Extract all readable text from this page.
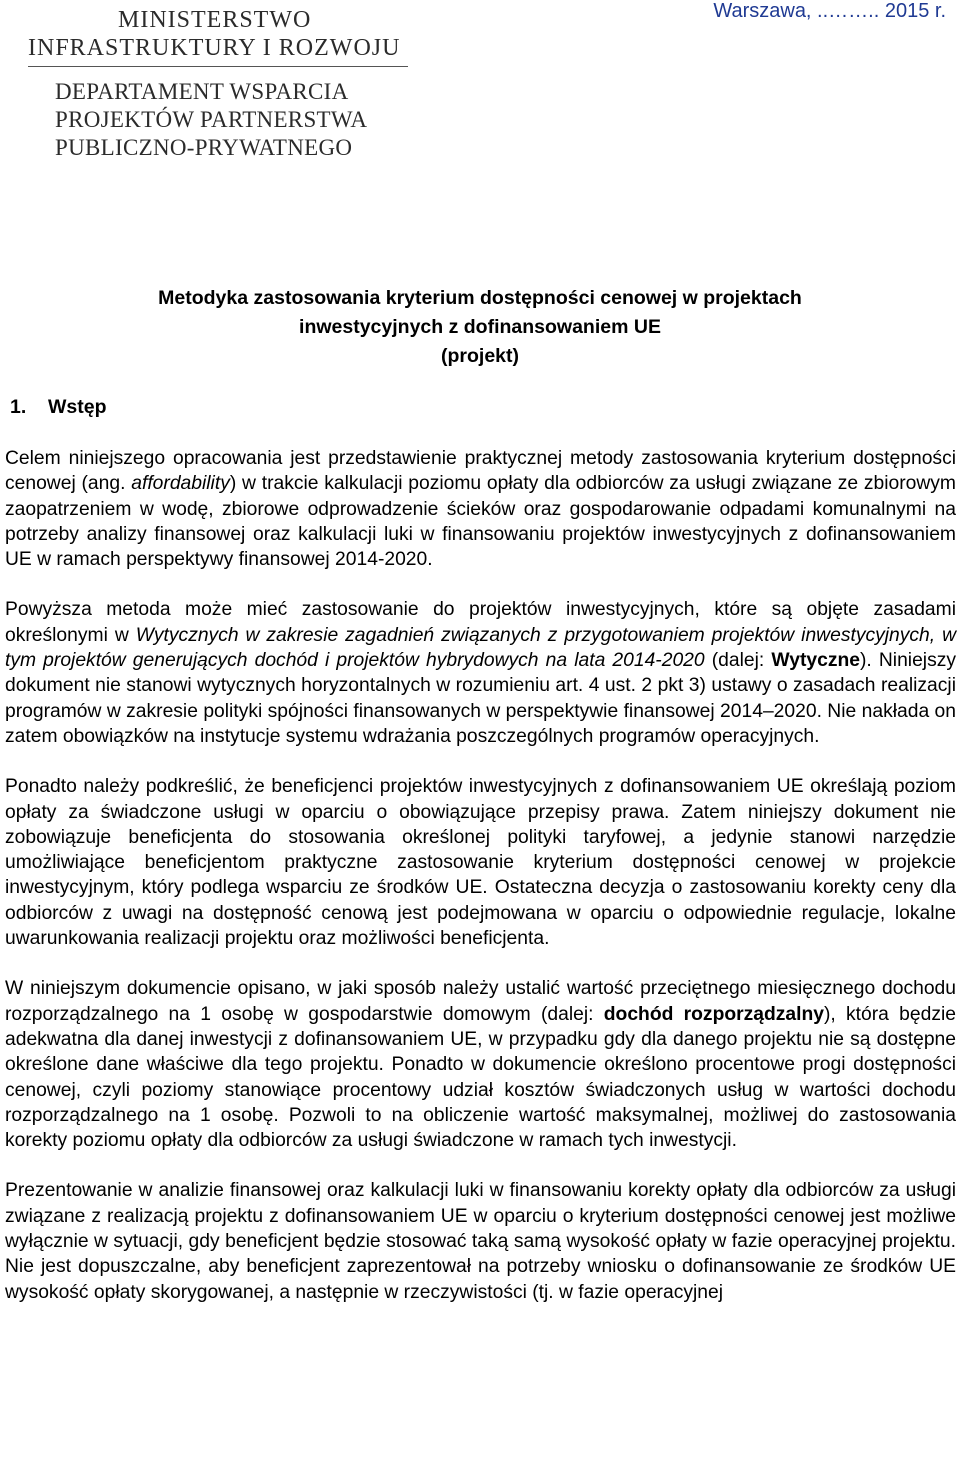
MINISTERSTWO
INFRASTRUKTURY I ROZWOJU
DEPARTAMENT WSPARCIA
PROJEKTÓW PARTNERSTWA
PUBLICZNO-PRYWATNEGO
Warszawa, ..…….. 2015 r.
Metodyka zastosowania kryterium dostępności cenowej w projektach
inwestycyjnych z dofinansowaniem UE
(projekt)
1. Wstęp

Celem niniejszego opracowania jest przedstawienie praktycznej metody zastosowania kryterium dostępności cenowej (ang. affordability) w trakcie kalkulacji poziomu opłaty dla odbiorców za usługi związane ze zbiorowym zaopatrzeniem w wodę, zbiorowe odprowadzenie ścieków oraz gospodarowanie odpadami komunalnymi na potrzeby analizy finansowej oraz kalkulacji luki w finansowaniu projektów inwestycyjnych z dofinansowaniem UE w ramach perspektywy finansowej 2014-2020.

Powyższa metoda może mieć zastosowanie do projektów inwestycyjnych, które są objęte zasadami określonymi w Wytycznych w zakresie zagadnień związanych z przygotowaniem projektów inwestycyjnych, w tym projektów generujących dochód i projektów hybrydowych na lata 2014-2020 (dalej: Wytyczne). Niniejszy dokument nie stanowi wytycznych horyzontalnych w rozumieniu art. 4 ust. 2 pkt 3) ustawy o zasadach realizacji programów w zakresie polityki spójności finansowanych w perspektywie finansowej 2014–2020. Nie nakłada on zatem obowiązków na instytucje systemu wdrażania poszczególnych programów operacyjnych.

Ponadto należy podkreślić, że beneficjenci projektów inwestycyjnych z dofinansowaniem UE określają poziom opłaty za świadczone usługi w oparciu o obowiązujące przepisy prawa. Zatem niniejszy dokument nie zobowiązuje beneficjenta do stosowania określonej polityki taryfowej, a jedynie stanowi narzędzie umożliwiające beneficjentom praktyczne zastosowanie kryterium dostępności cenowej w projekcie inwestycyjnym, który podlega wsparciu ze środków UE. Ostateczna decyzja o zastosowaniu korekty ceny dla odbiorców z uwagi na dostępność cenową jest podejmowana w oparciu o odpowiednie regulacje, lokalne uwarunkowania realizacji projektu oraz możliwości beneficjenta.

W niniejszym dokumencie opisano, w jaki sposób należy ustalić wartość przeciętnego miesięcznego dochodu rozporządzalnego na 1 osobę w gospodarstwie domowym (dalej: dochód rozporządzalny), która będzie adekwatna dla danej inwestycji z dofinansowaniem UE, w przypadku gdy dla danego projektu nie są dostępne określone dane właściwe dla tego projektu. Ponadto w dokumencie określono procentowe progi dostępności cenowej, czyli poziomy stanowiące procentowy udział kosztów świadczonych usług w wartości dochodu rozporządzalnego na 1 osobę. Pozwoli to na obliczenie wartość maksymalnej, możliwej do zastosowania korekty poziomu opłaty dla odbiorców za usługi świadczone w ramach tych inwestycji.

Prezentowanie w analizie finansowej oraz kalkulacji luki w finansowaniu korekty opłaty dla odbiorców za usługi związane z realizacją projektu z dofinansowaniem UE w oparciu o kryterium dostępności cenowej jest możliwe wyłącznie w sytuacji, gdy beneficjent będzie stosować taką samą wysokość opłaty w fazie operacyjnej projektu. Nie jest dopuszczalne, aby beneficjent zaprezentował na potrzeby wniosku o dofinansowanie ze środków UE wysokość opłaty skorygowanej, a następnie w rzeczywistości (tj. w fazie operacyjnej
